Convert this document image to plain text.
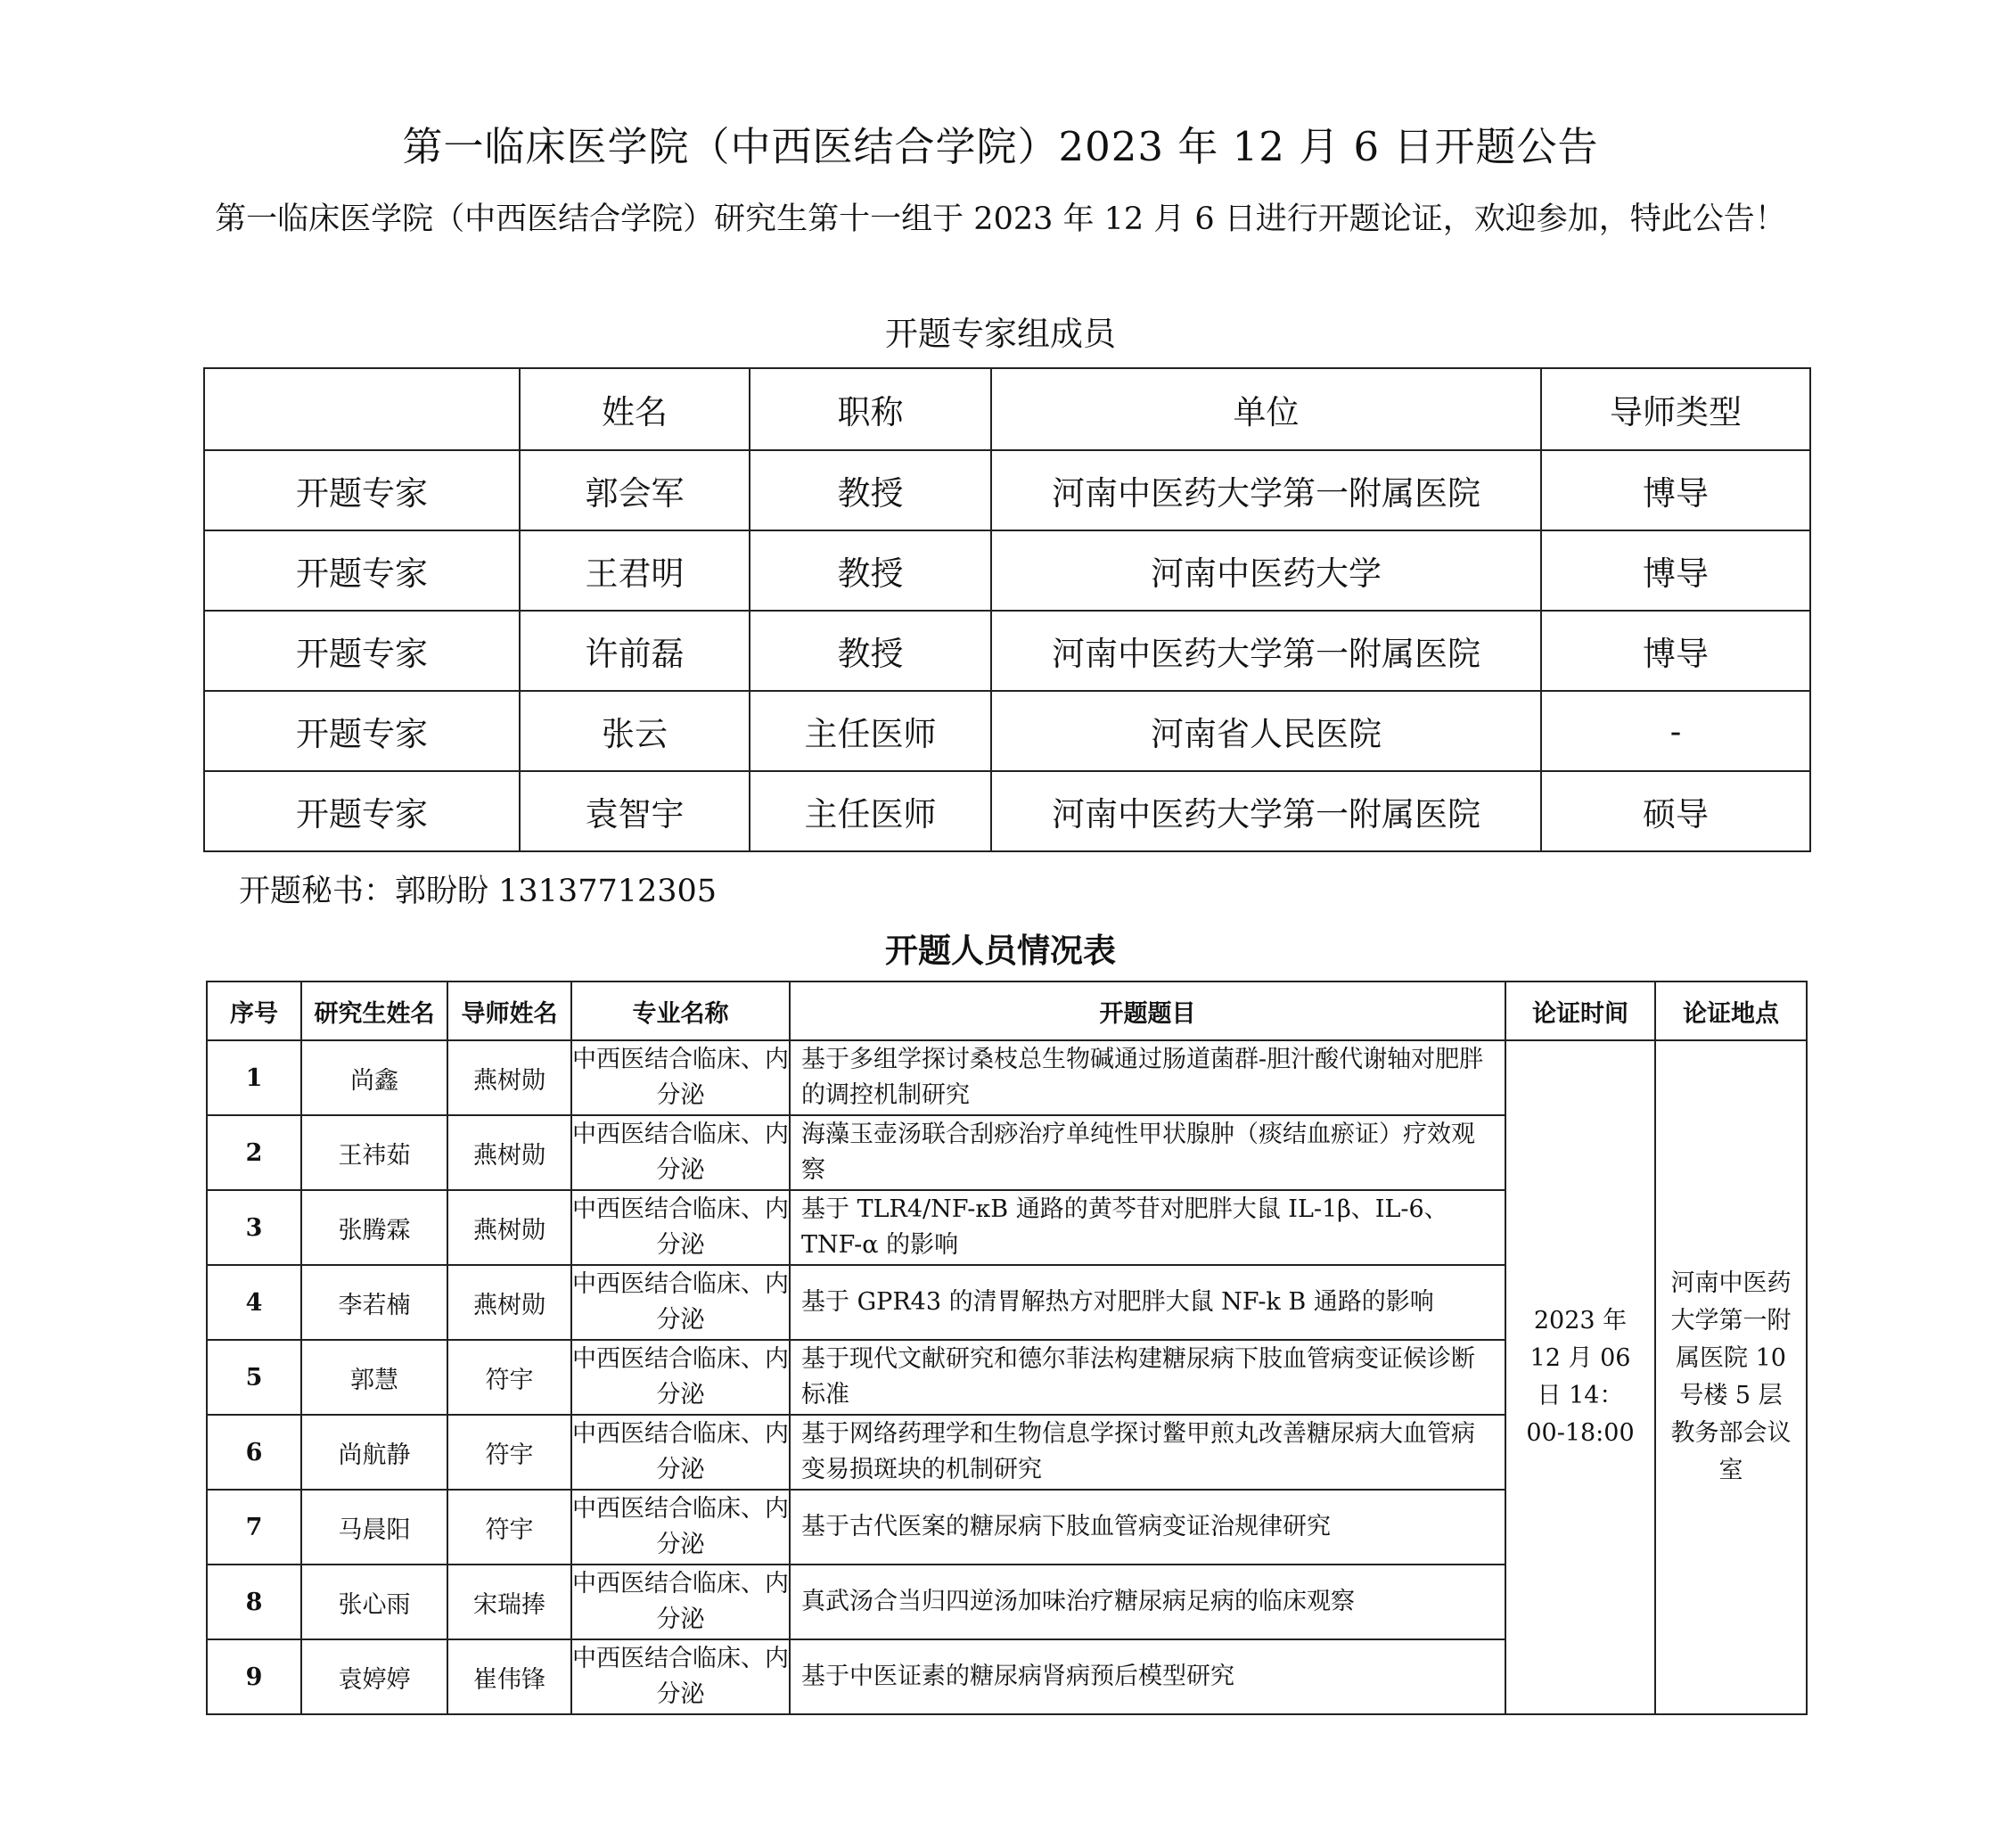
第一临床医学院（中西医结合学院）2023 年 12 月 6 日开题公告
第一临床医学院（中西医结合学院）研究生第十一组于 2023 年 12 月 6 日进行开题论证，欢迎参加，特此公告！
开题专家组成员
	姓名	职称	单位	导师类型
开题专家	郭会军	教授	河南中医药大学第一附属医院	博导
开题专家	王君明	教授	河南中医药大学	博导
开题专家	许前磊	教授	河南中医药大学第一附属医院	博导
开题专家	张云	主任医师	河南省人民医院	-
开题专家	袁智宇	主任医师	河南中医药大学第一附属医院	硕导
开题秘书：郭盼盼 13137712305
开题人员情况表
序号	研究生姓名	导师姓名	专业名称	开题题目	论证时间	论证地点
1	尚鑫	燕树勋	中西医结合临床、内分泌	基于多组学探讨桑枝总生物碱通过肠道菌群-胆汁酸代谢轴对肥胖的调控机制研究	2023 年 12 月 06 日 14：00-18:00	河南中医药大学第一附属医院 10 号楼 5 层教务部会议室
2	王祎茹	燕树勋	中西医结合临床、内分泌	海藻玉壶汤联合刮痧治疗单纯性甲状腺肿（痰结血瘀证）疗效观察		
3	张腾霖	燕树勋	中西医结合临床、内分泌	基于 TLR4/NF-κB 通路的黄芩苷对肥胖大鼠 IL-1β、IL-6、TNF-α 的影响		
4	李若楠	燕树勋	中西医结合临床、内分泌	基于 GPR43 的清胃解热方对肥胖大鼠 NF-k B 通路的影响		
5	郭慧	符宇	中西医结合临床、内分泌	基于现代文献研究和德尔菲法构建糖尿病下肢血管病变证候诊断标准		
6	尚航静	符宇	中西医结合临床、内分泌	基于网络药理学和生物信息学探讨鳖甲煎丸改善糖尿病大血管病变易损斑块的机制研究		
7	马晨阳	符宇	中西医结合临床、内分泌	基于古代医案的糖尿病下肢血管病变证治规律研究		
8	张心雨	宋瑞捧	中西医结合临床、内分泌	真武汤合当归四逆汤加味治疗糖尿病足病的临床观察		
9	袁婷婷	崔伟锋	中西医结合临床、内分泌	基于中医证素的糖尿病肾病预后模型研究		
